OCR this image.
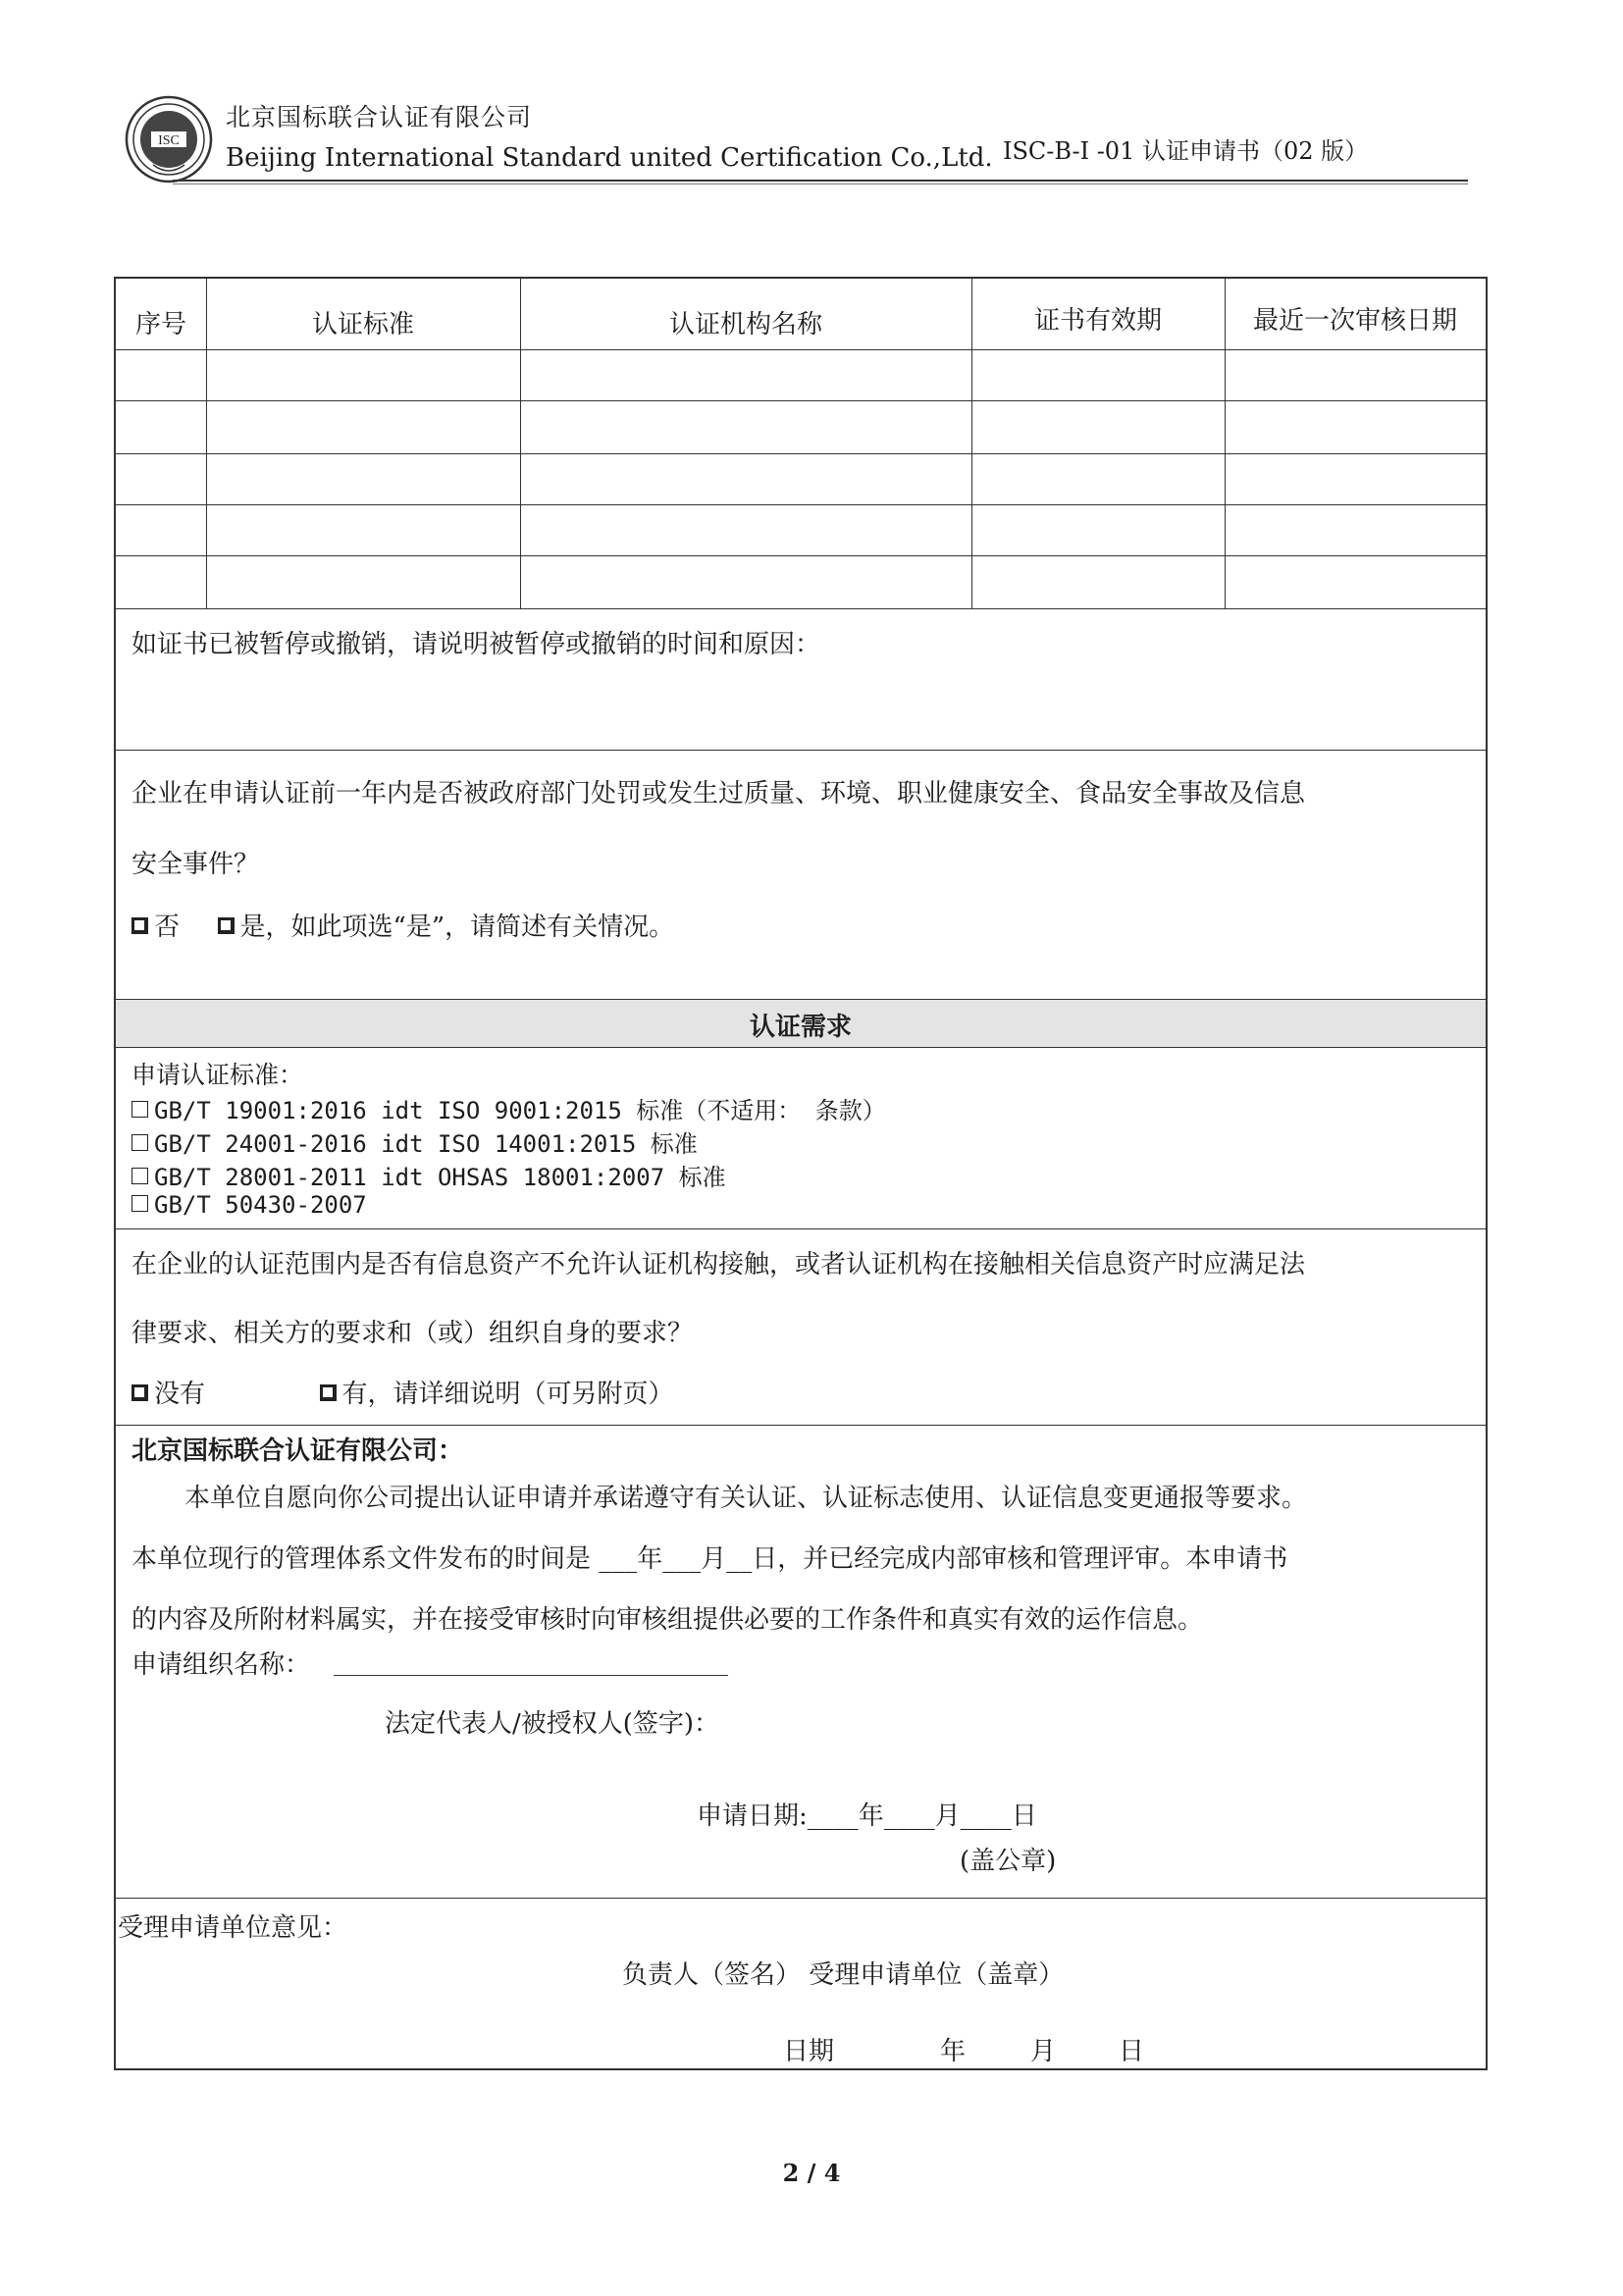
ISC
北京国标联合认证有限公司
Beijing International Standard united Certification Co.,Ltd. ISC-B-I -01 认证申请书（02 版）
序号	认证标准	认证机构名称	证书有效期	最近一次审核日期
如证书已被暂停或撤销，请说明被暂停或撤销的时间和原因：
企业在申请认证前一年内是否被政府部门处罚或发生过质量、环境、职业健康安全、食品安全事故及信息
安全事件？
否 是，如此项选“是”，请简述有关情况。
认证需求
申请认证标准：
GB/T 19001:2016 idt ISO 9001:2015 标准（不适用： 条款）
GB/T 24001-2016 idt ISO 14001:2015 标准
GB/T 28001-2011 idt OHSAS 18001:2007 标准
GB/T 50430-2007
在企业的认证范围内是否有信息资产不允许认证机构接触，或者认证机构在接触相关信息资产时应满足法
律要求、相关方的要求和（或）组织自身的要求？
没有	有，请详细说明（可另附页）
北京国标联合认证有限公司：
本单位自愿向你公司提出认证申请并承诺遵守有关认证、认证标志使用、认证信息变更通报等要求。
本单位现行的管理体系文件发布的时间是 ___年___月__日，并已经完成内部审核和管理评审。本申请书
的内容及所附材料属实，并在接受审核时向审核组提供必要的工作条件和真实有效的运作信息。
申请组织名称：
法定代表人/被授权人(签字)：
申请日期:____年____月____日
(盖公章)
受理申请单位意见：
负责人（签名） 受理申请单位（盖章）
日期	年	月 日
2 / 4
